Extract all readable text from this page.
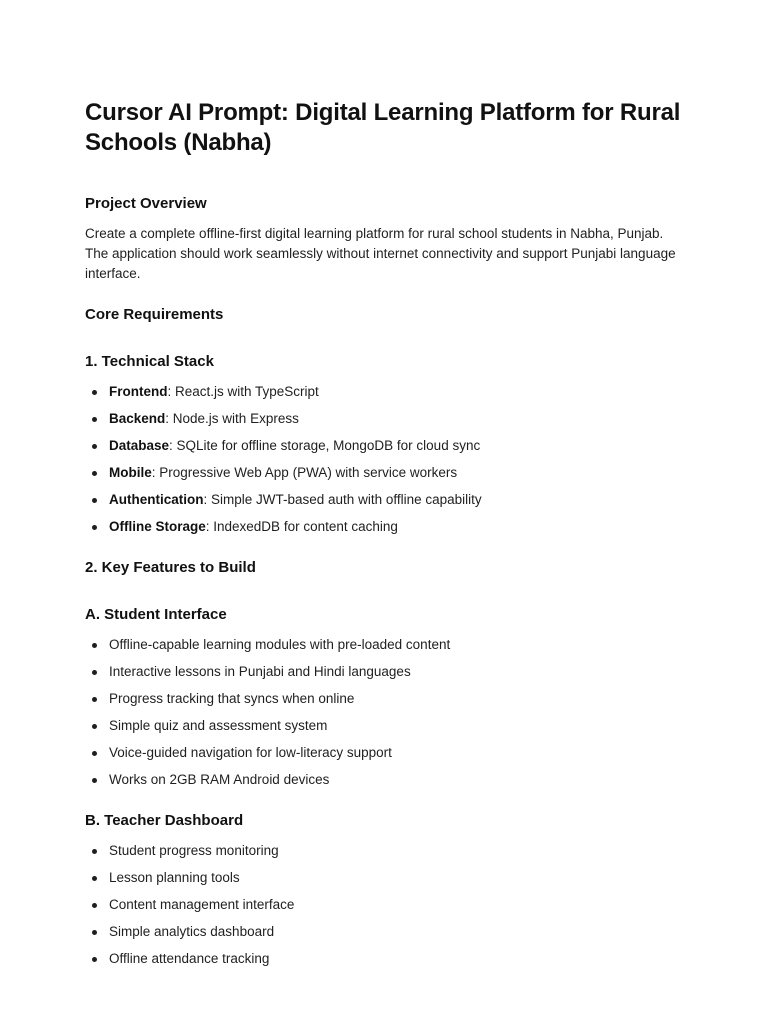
Cursor AI Prompt: Digital Learning Platform for Rural Schools (Nabha)
Project Overview

Create a complete offline-first digital learning platform for rural school students in Nabha, Punjab. The application should work seamlessly without internet connectivity and support Punjabi language interface.

Core Requirements
1. Technical Stack
Frontend: React.js with TypeScript
Backend: Node.js with Express
Database: SQLite for offline storage, MongoDB for cloud sync
Mobile: Progressive Web App (PWA) with service workers
Authentication: Simple JWT-based auth with offline capability
Offline Storage: IndexedDB for content caching
2. Key Features to Build
A. Student Interface
Offline-capable learning modules with pre-loaded content
Interactive lessons in Punjabi and Hindi languages
Progress tracking that syncs when online
Simple quiz and assessment system
Voice-guided navigation for low-literacy support
Works on 2GB RAM Android devices
B. Teacher Dashboard
Student progress monitoring
Lesson planning tools
Content management interface
Simple analytics dashboard
Offline attendance tracking
